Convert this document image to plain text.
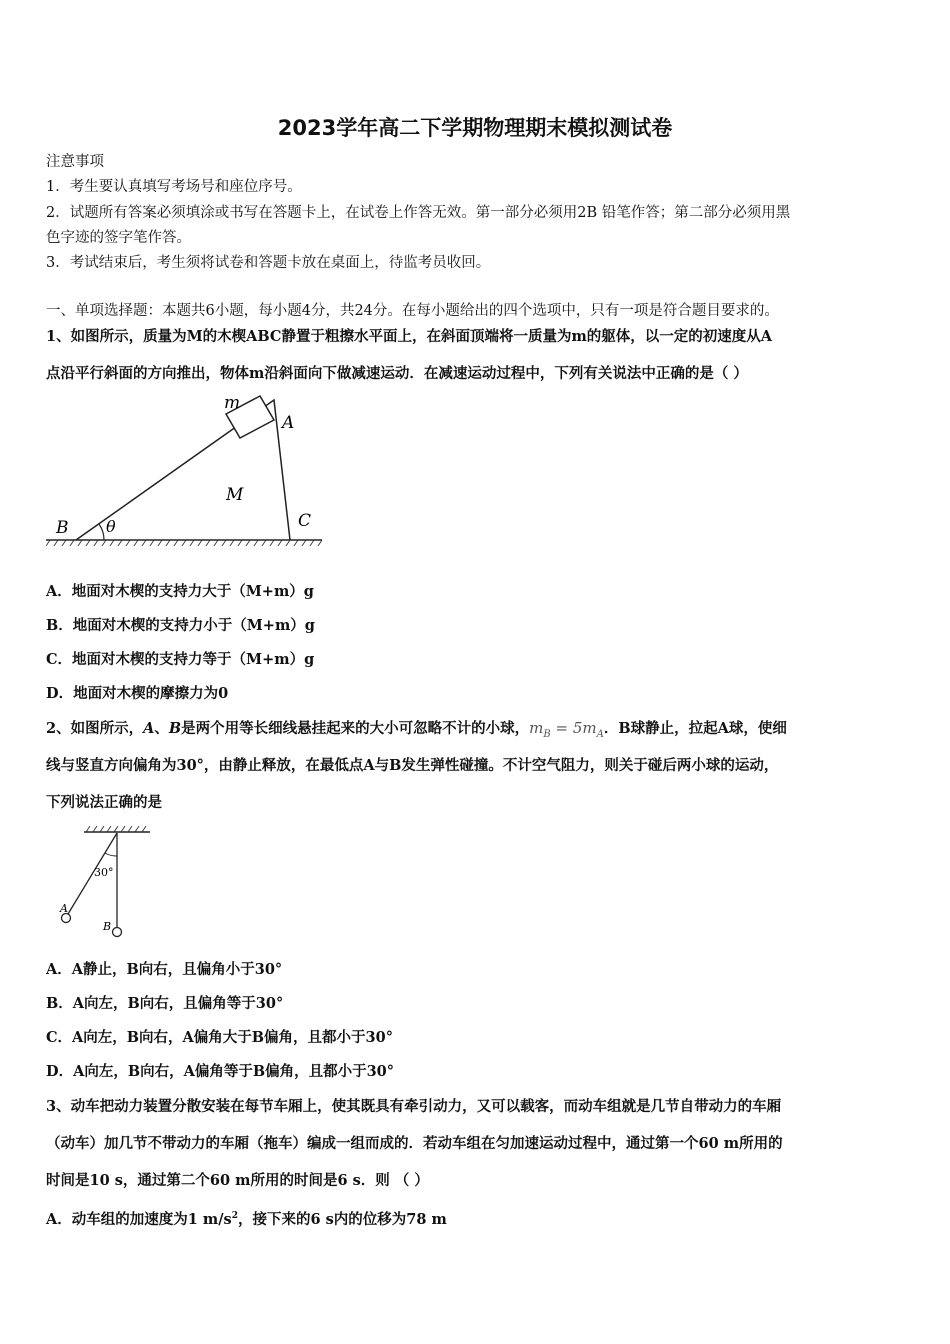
2023学年高二下学期物理期末模拟测试卷
注意事项
1．考生要认真填写考场号和座位序号。
2．试题所有答案必须填涂或书写在答题卡上，在试卷上作答无效。第一部分必须用2B 铅笔作答；第二部分必须用黑
色字迹的签字笔作答。
3．考试结束后，考生须将试卷和答题卡放在桌面上，待监考员收回。
一、单项选择题：本题共6小题，每小题4分，共24分。在每小题给出的四个选项中，只有一项是符合题目要求的。
1、如图所示，质量为M的木楔ABC静置于粗擦水平面上，在斜面顶端将一质量为m的躯体，以一定的初速度从A
点沿平行斜面的方向推出，物体m沿斜面向下做减速运动．在减速运动过程中，下列有关说法中正确的是（ ）
m
A
M
B θ	C
A．地面对木楔的支持力大于（M+m）g
B．地面对木楔的支持力小于（M+m）g
C．地面对木楔的支持力等于（M+m）g
D．地面对木楔的摩擦力为0
2、如图所示，A、B是两个用等长细线悬挂起来的大小可忽略不计的小球，$m_B = 5m_A$．B球静止，拉起A球，使细
线与竖直方向偏角为30°，由静止释放，在最低点A与B发生弹性碰撞。不计空气阻力，则关于碰后两小球的运动，
下列说法正确的是
30°
A
B
A．A静止，B向右，且偏角小于30°
B．A向左，B向右，且偏角等于30°
C．A向左，B向右，A偏角大于B偏角，且都小于30°
D．A向左，B向右，A偏角等于B偏角，且都小于30°
3、动车把动力装置分散安装在每节车厢上，使其既具有牵引动力，又可以载客，而动车组就是几节自带动力的车厢
（动车）加几节不带动力的车厢（拖车）编成一组而成的．若动车组在匀加速运动过程中，通过第一个60 m所用的
时间是10 s，通过第二个60 m所用的时间是6 s．则 （ ）
A．动车组的加速度为1 $m/s^2$，接下来的6 s内的位移为78 m
